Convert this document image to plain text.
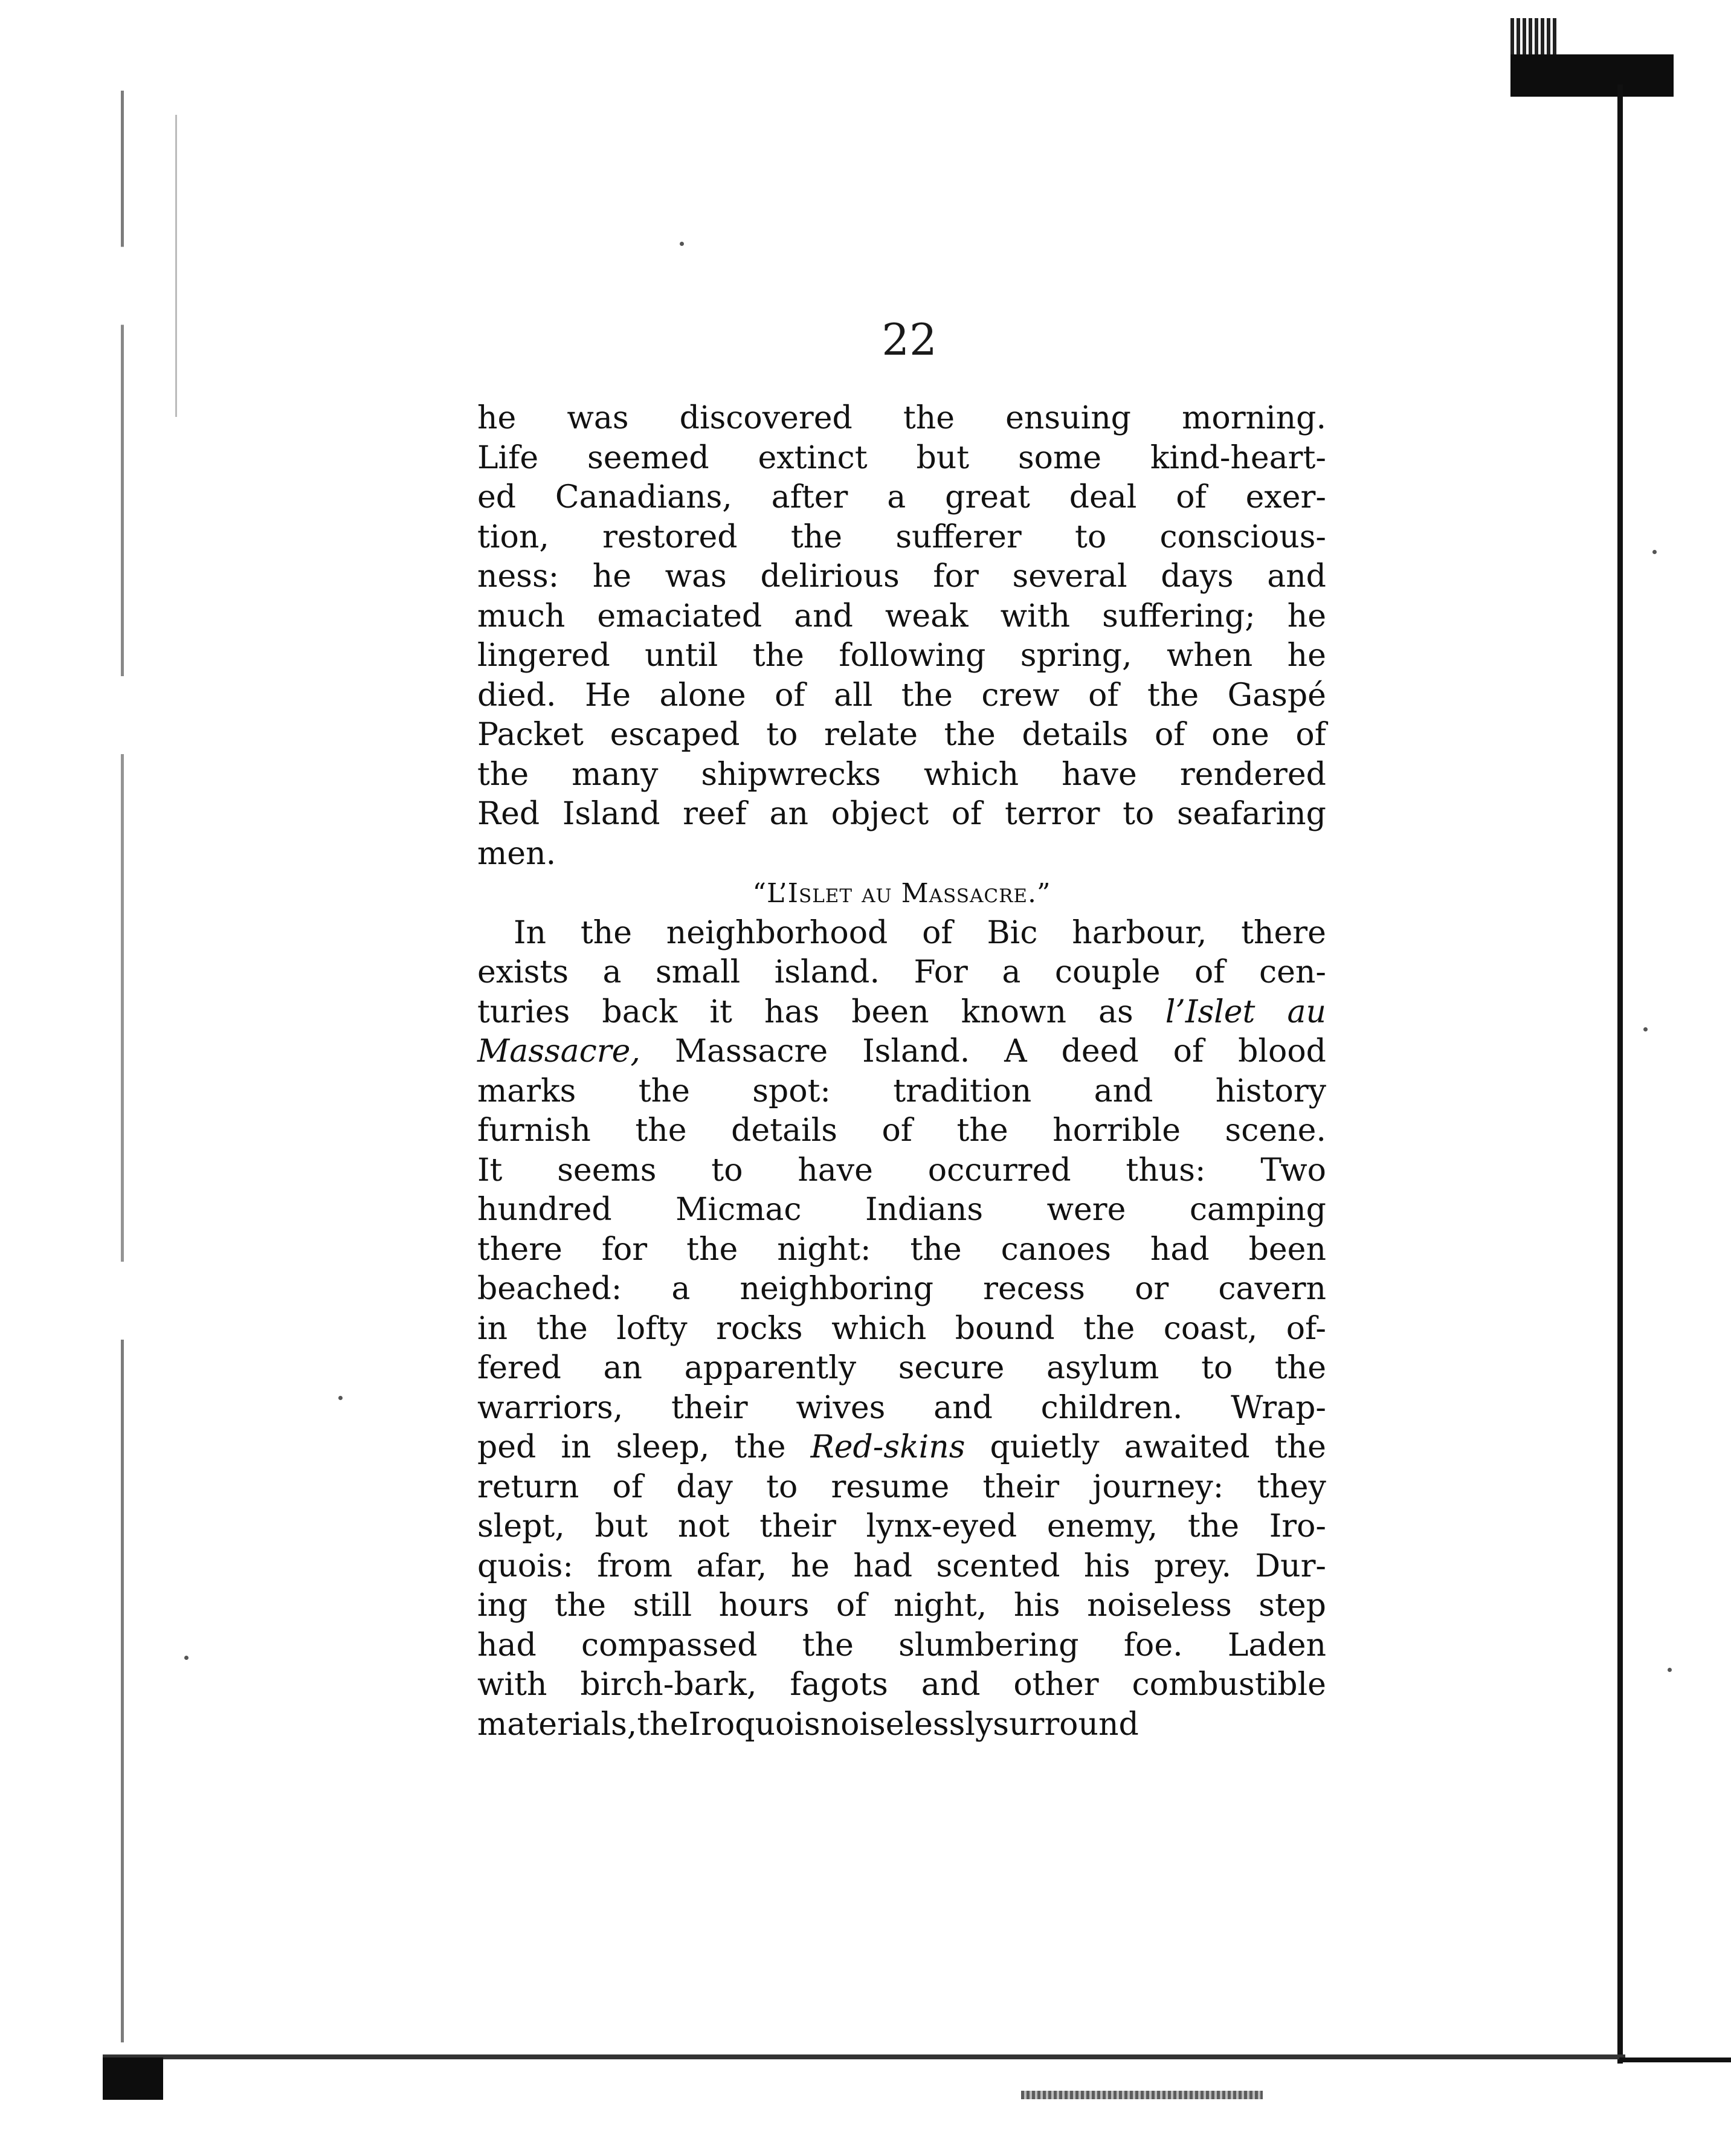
22
he was discovered the ensuing morning.
Life seemed extinct but some kind-heart-
ed Canadians, after a great deal of exer-
tion, restored the sufferer to conscious-
ness: he was delirious for several days and
much emaciated and weak with suffering; he
lingered until the following spring, when he
died. He alone of all the crew of the Gaspé
Packet escaped to relate the details of one of
the many shipwrecks which have rendered
Red Island reef an object of terror to seafaring
men.
“L’Islet au Massacre.”
In the neighborhood of Bic harbour, there
exists a small island. For a couple of cen-
turies back it has been known as l’Islet au
Massacre, Massacre Island. A deed of blood
marks the spot: tradition and history
furnish the details of the horrible scene.
It seems to have occurred thus: Two
hundred Micmac Indians were camping
there for the night: the canoes had been
beached: a neighboring recess or cavern
in the lofty rocks which bound the coast, of-
fered an apparently secure asylum to the
warriors, their wives and children. Wrap-
ped in sleep, the Red-skins quietly awaited the
return of day to resume their journey: they
slept, but not their lynx-eyed enemy, the Iro-
quois: from afar, he had scented his prey. Dur-
ing the still hours of night, his noiseless step
had compassed the slumbering foe. Laden
with birch-bark, fagots and other combustible
materials, the Iroquois noiselessly surround
